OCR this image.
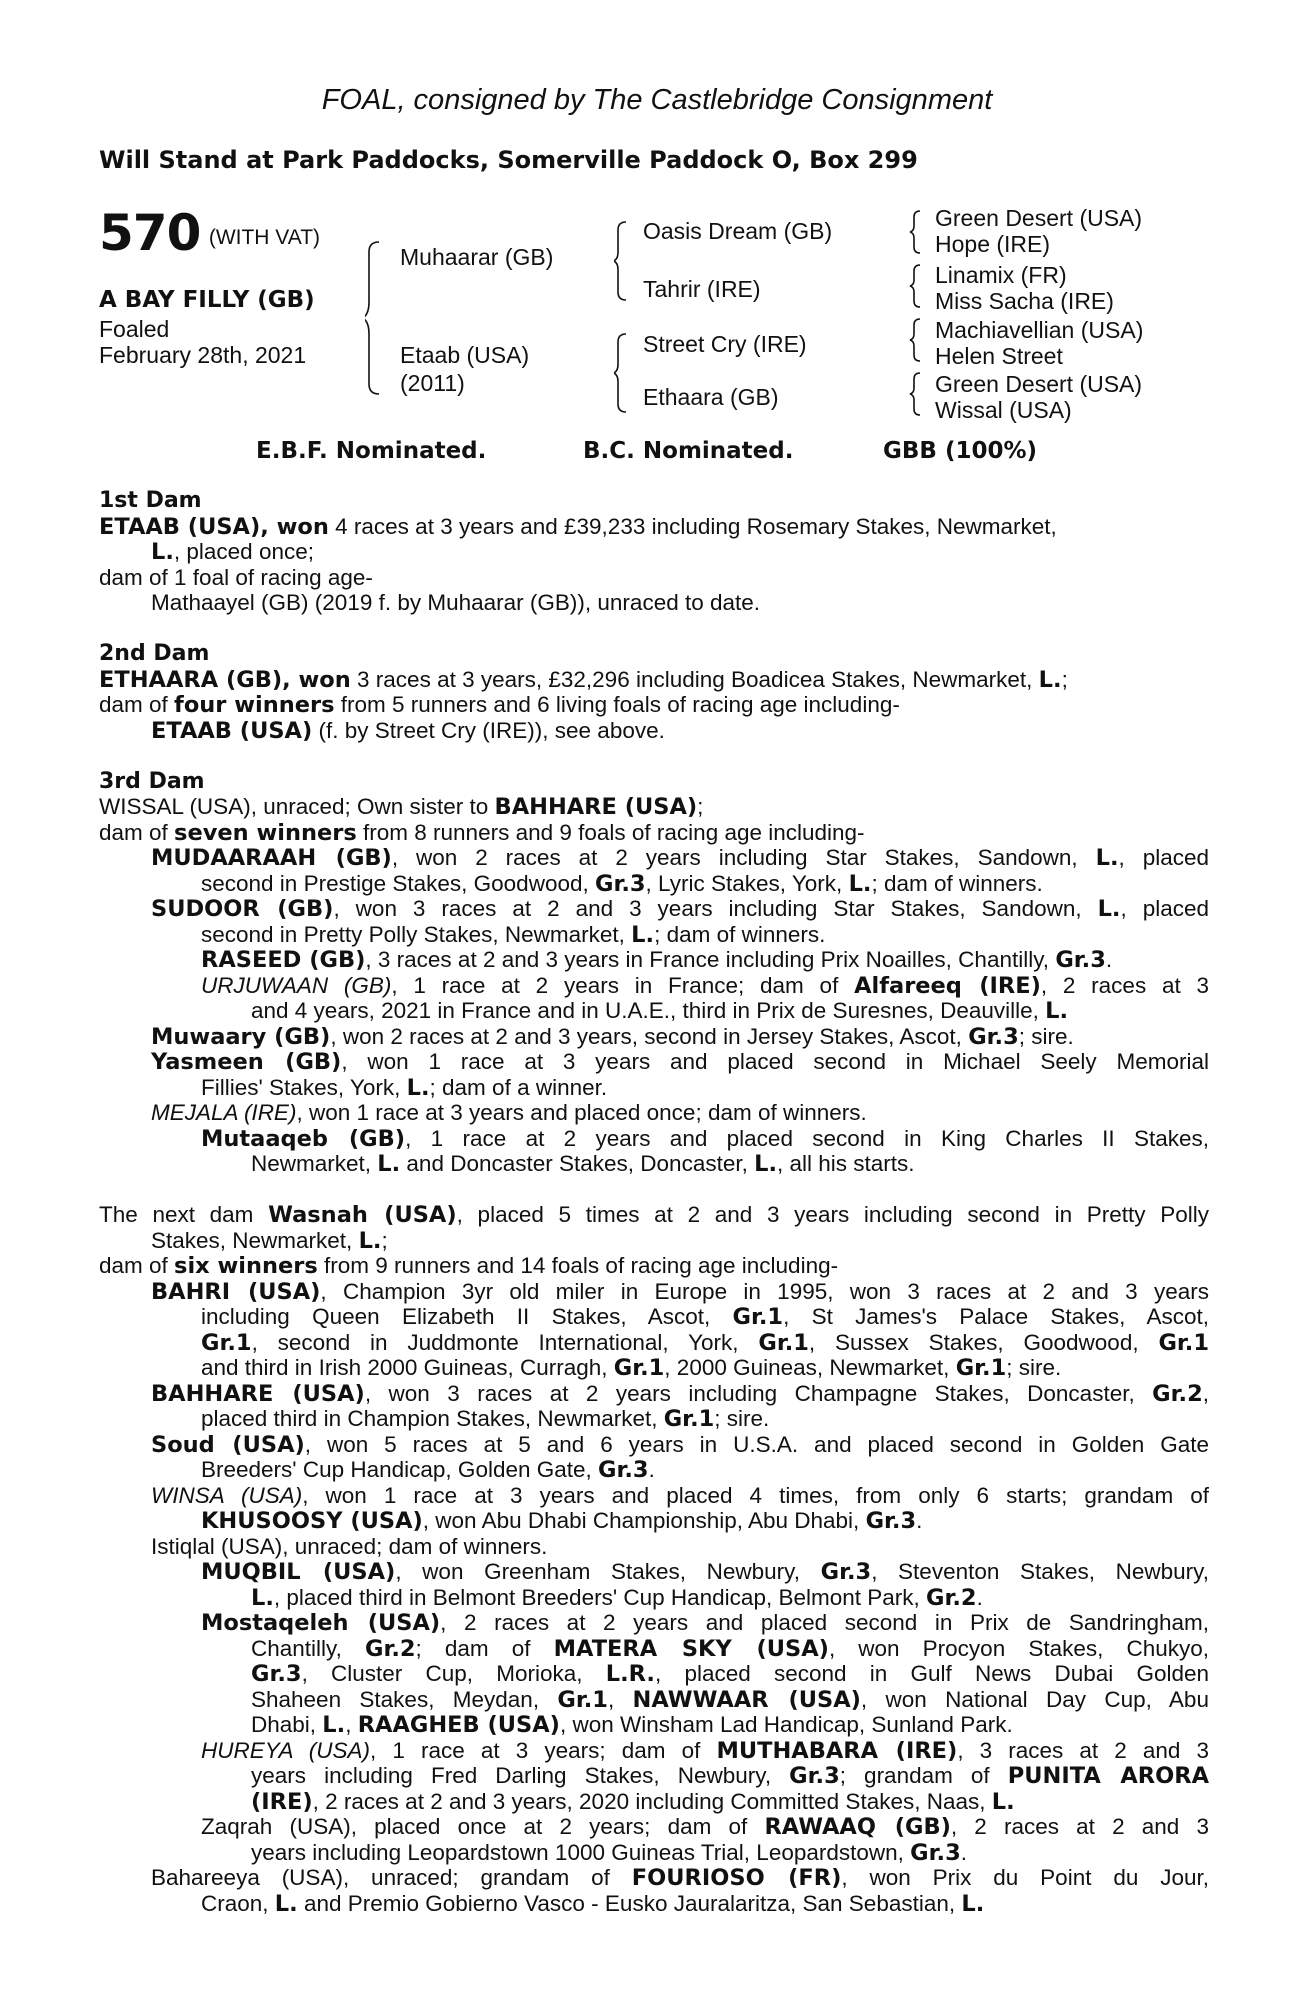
FOAL, consigned by The Castlebridge Consignment
Will Stand at Park Paddocks, Somerville Paddock O, Box 299
570 (WITH VAT)
A BAY FILLY (GB)
Foaled
February 28th, 2021
Muhaarar (GB)
Etaab (USA)
(2011)
Oasis Dream (GB)
Tahrir (IRE)
Street Cry (IRE)
Ethaara (GB)
Green Desert (USA)
Hope (IRE)
Linamix (FR)
Miss Sacha (IRE)
Machiavellian (USA)
Helen Street
Green Desert (USA)
Wissal (USA)
E.B.F. Nominated.	B.C. Nominated.	GBB (100%)
1st Dam
ETAAB (USA), won 4 races at 3 years and £39,233 including Rosemary Stakes, Newmarket,
L., placed once;
dam of 1 foal of racing age-
Mathaayel (GB) (2019 f. by Muhaarar (GB)), unraced to date.
2nd Dam
ETHAARA (GB), won 3 races at 3 years, £32,296 including Boadicea Stakes, Newmarket, L.;
dam of four winners from 5 runners and 6 living foals of racing age including-
ETAAB (USA) (f. by Street Cry (IRE)), see above.
3rd Dam
WISSAL (USA), unraced; Own sister to BAHHARE (USA);
dam of seven winners from 8 runners and 9 foals of racing age including-
MUDAARAAH (GB), won 2 races at 2 years including Star Stakes, Sandown, L., placed
second in Prestige Stakes, Goodwood, Gr.3, Lyric Stakes, York, L.; dam of winners.
SUDOOR (GB), won 3 races at 2 and 3 years including Star Stakes, Sandown, L., placed
second in Pretty Polly Stakes, Newmarket, L.; dam of winners.
RASEED (GB), 3 races at 2 and 3 years in France including Prix Noailles, Chantilly, Gr.3.
URJUWAAN (GB), 1 race at 2 years in France; dam of Alfareeq (IRE), 2 races at 3
and 4 years, 2021 in France and in U.A.E., third in Prix de Suresnes, Deauville, L.
Muwaary (GB), won 2 races at 2 and 3 years, second in Jersey Stakes, Ascot, Gr.3; sire.
Yasmeen (GB), won 1 race at 3 years and placed second in Michael Seely Memorial
Fillies' Stakes, York, L.; dam of a winner.
MEJALA (IRE), won 1 race at 3 years and placed once; dam of winners.
Mutaaqeb (GB), 1 race at 2 years and placed second in King Charles II Stakes,
Newmarket, L. and Doncaster Stakes, Doncaster, L., all his starts.
The next dam Wasnah (USA), placed 5 times at 2 and 3 years including second in Pretty Polly
Stakes, Newmarket, L.;
dam of six winners from 9 runners and 14 foals of racing age including-
BAHRI (USA), Champion 3yr old miler in Europe in 1995, won 3 races at 2 and 3 years
including Queen Elizabeth II Stakes, Ascot, Gr.1, St James's Palace Stakes, Ascot,
Gr.1, second in Juddmonte International, York, Gr.1, Sussex Stakes, Goodwood, Gr.1
and third in Irish 2000 Guineas, Curragh, Gr.1, 2000 Guineas, Newmarket, Gr.1; sire.
BAHHARE (USA), won 3 races at 2 years including Champagne Stakes, Doncaster, Gr.2,
placed third in Champion Stakes, Newmarket, Gr.1; sire.
Soud (USA), won 5 races at 5 and 6 years in U.S.A. and placed second in Golden Gate
Breeders' Cup Handicap, Golden Gate, Gr.3.
WINSA (USA), won 1 race at 3 years and placed 4 times, from only 6 starts; grandam of
KHUSOOSY (USA), won Abu Dhabi Championship, Abu Dhabi, Gr.3.
Istiqlal (USA), unraced; dam of winners.
MUQBIL (USA), won Greenham Stakes, Newbury, Gr.3, Steventon Stakes, Newbury,
L., placed third in Belmont Breeders' Cup Handicap, Belmont Park, Gr.2.
Mostaqeleh (USA), 2 races at 2 years and placed second in Prix de Sandringham,
Chantilly, Gr.2; dam of MATERA SKY (USA), won Procyon Stakes, Chukyo,
Gr.3, Cluster Cup, Morioka, L.R., placed second in Gulf News Dubai Golden
Shaheen Stakes, Meydan, Gr.1, NAWWAAR (USA), won National Day Cup, Abu
Dhabi, L., RAAGHEB (USA), won Winsham Lad Handicap, Sunland Park.
HUREYA (USA), 1 race at 3 years; dam of MUTHABARA (IRE), 3 races at 2 and 3
years including Fred Darling Stakes, Newbury, Gr.3; grandam of PUNITA ARORA
(IRE), 2 races at 2 and 3 years, 2020 including Committed Stakes, Naas, L.
Zaqrah (USA), placed once at 2 years; dam of RAWAAQ (GB), 2 races at 2 and 3
years including Leopardstown 1000 Guineas Trial, Leopardstown, Gr.3.
Bahareeya (USA), unraced; grandam of FOURIOSO (FR), won Prix du Point du Jour,
Craon, L. and Premio Gobierno Vasco - Eusko Jauralaritza, San Sebastian, L.
